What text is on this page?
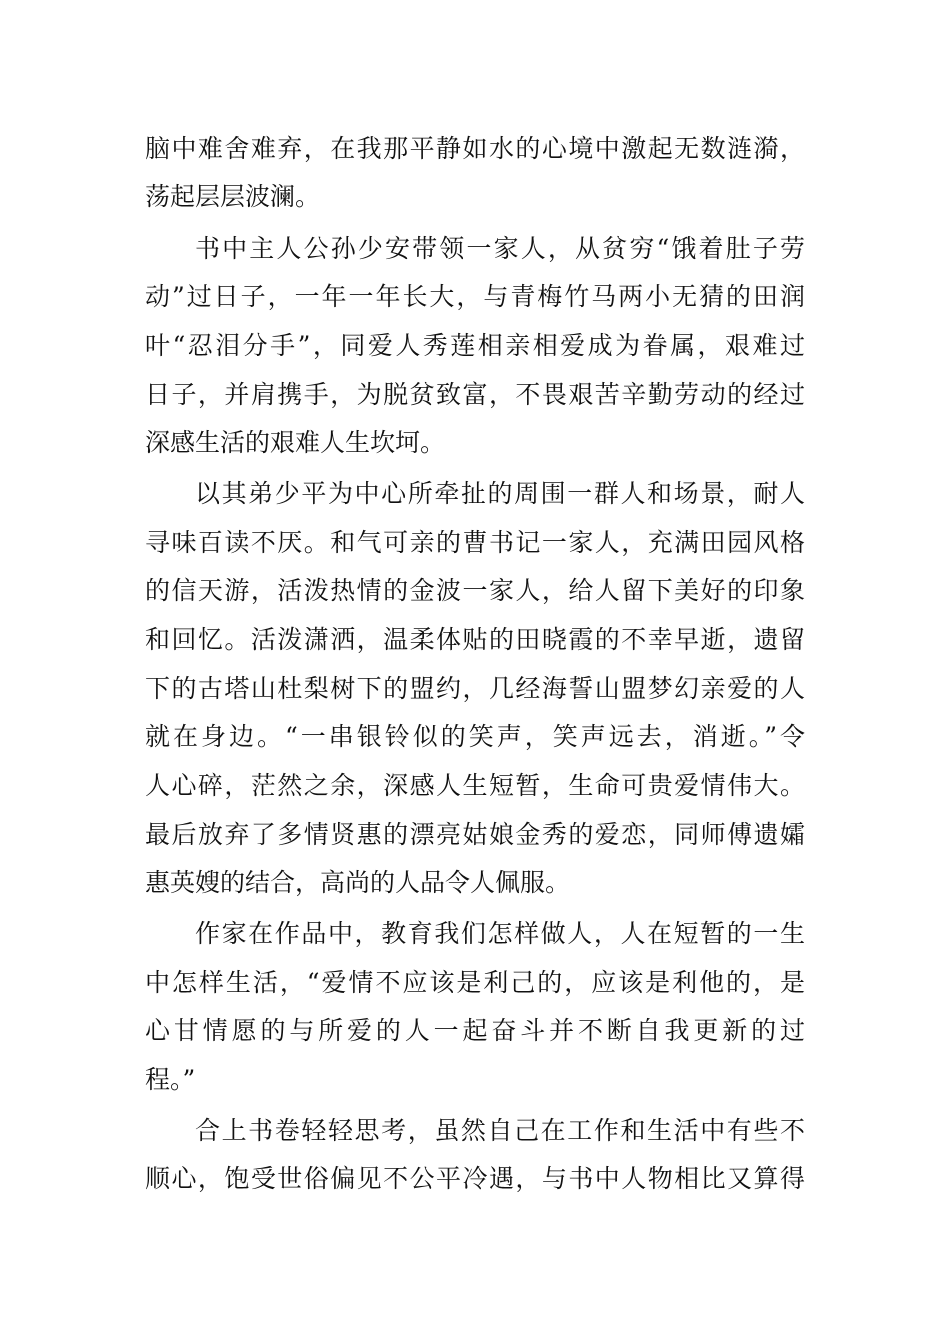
脑中难舍难弃，在我那平静如水的心境中激起无数涟漪，
荡起层层波澜。
书中主人公孙少安带领一家人，从贫穷“饿着肚子劳
动”过日子，一年一年长大，与青梅竹马两小无猜的田润
叶“忍泪分手”，同爱人秀莲相亲相爱成为眷属，艰难过
日子，并肩携手，为脱贫致富，不畏艰苦辛勤劳动的经过
深感生活的艰难人生坎坷。
以其弟少平为中心所牵扯的周围一群人和场景，耐人
寻味百读不厌。和气可亲的曹书记一家人，充满田园风格
的信天游，活泼热情的金波一家人，给人留下美好的印象
和回忆。活泼潇洒，温柔体贴的田晓霞的不幸早逝，遗留
下的古塔山杜梨树下的盟约，几经海誓山盟梦幻亲爱的人
就在身边。“一串银铃似的笑声，笑声远去，消逝。”令
人心碎，茫然之余，深感人生短暂，生命可贵爱情伟大。
最后放弃了多情贤惠的漂亮姑娘金秀的爱恋，同师傅遗孀
惠英嫂的结合，高尚的人品令人佩服。
作家在作品中，教育我们怎样做人，人在短暂的一生
中怎样生活，“爱情不应该是利己的，应该是利他的，是
心甘情愿的与所爱的人一起奋斗并不断自我更新的过
程。”
合上书卷轻轻思考，虽然自己在工作和生活中有些不
顺心，饱受世俗偏见不公平冷遇，与书中人物相比又算得
